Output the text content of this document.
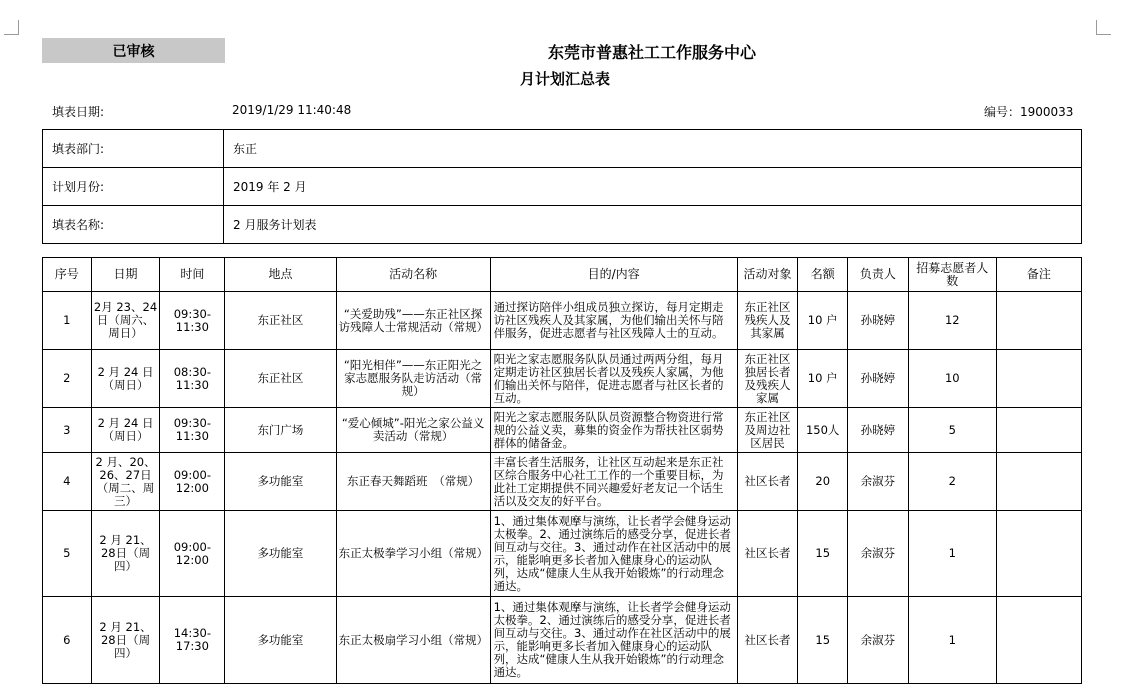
已审核	东莞市普惠社工工作服务中心
月计划汇总表
填表日期:	2019/1/29 11:40:48	编号：1900033
填表部门:	东正
计划月份:	2019 年 2 月
填表名称:	2 月服务计划表
序号	日期	时间	地点	活动名称	目的/内容	活动对象	名额	负责人	招募志愿者人数	备注
1	2月 23、24日（周六、周日）	09:30-11:30	东正社区	“关爱助残”——东正社区探访残障人士常规活动（常规）	通过探访陪伴小组成员独立探访，每月定期走访社区残疾人及其家属，为他们输出关怀与陪伴服务，促进志愿者与社区残障人士的互动。	东正社区残疾人及其家属	10 户	孙晓婷	12	
2	2 月 24 日（周日）	08:30-11:30	东正社区	“阳光相伴”——东正阳光之家志愿服务队走访活动（常规）	阳光之家志愿服务队队员通过两两分组，每月定期走访社区独居长者以及残疾人家属，为他们输出关怀与陪伴，促进志愿者与社区长者的互动。	东正社区独居长者及残疾人家属	10 户	孙晓婷	10	
3	2 月 24 日（周日）	09:30-11:30	东门广场	“爱心倾城”-阳光之家公益义卖活动（常规）	阳光之家志愿服务队队员资源整合物资进行常规的公益义卖，募集的资金作为帮扶社区弱势群体的储备金。	东正社区及周边社区居民	150人	孙晓婷	5	
4	2 月、20、26、27日（周二、周三）	09:00-12:00	多功能室	东正春天舞蹈班　（常规）	丰富长者生活服务，让社区互动起来是东正社区综合服务中心社工工作的一个重要目标，为此社工定期提供不同兴趣爱好老友记一个话生活以及交友的好平台。	社区长者	20	余淑芬	2	
5	2 月 21、28日（周四）	09:00-12:00	多功能室	东正太极拳学习小组（常规）	1、通过集体观摩与演练，让长者学会健身运动太极拳。2、通过演练后的感受分享，促进长者间互动与交往。3、通过动作在社区活动中的展示，能影响更多长者加入健康身心的运动队列，达成“健康人生从我开始锻炼”的行动理念通达。	社区长者	15	余淑芬	1	
6	2 月 21、28日（周四）	14:30-17:30	多功能室	东正太极扇学习小组（常规）	1、通过集体观摩与演练，让长者学会健身运动太极拳。2、通过演练后的感受分享，促进长者间互动与交往。3、通过动作在社区活动中的展示，能影响更多长者加入健康身心的运动队列，达成“健康人生从我开始锻炼”的行动理念通达。	社区长者	15	余淑芬	1	
